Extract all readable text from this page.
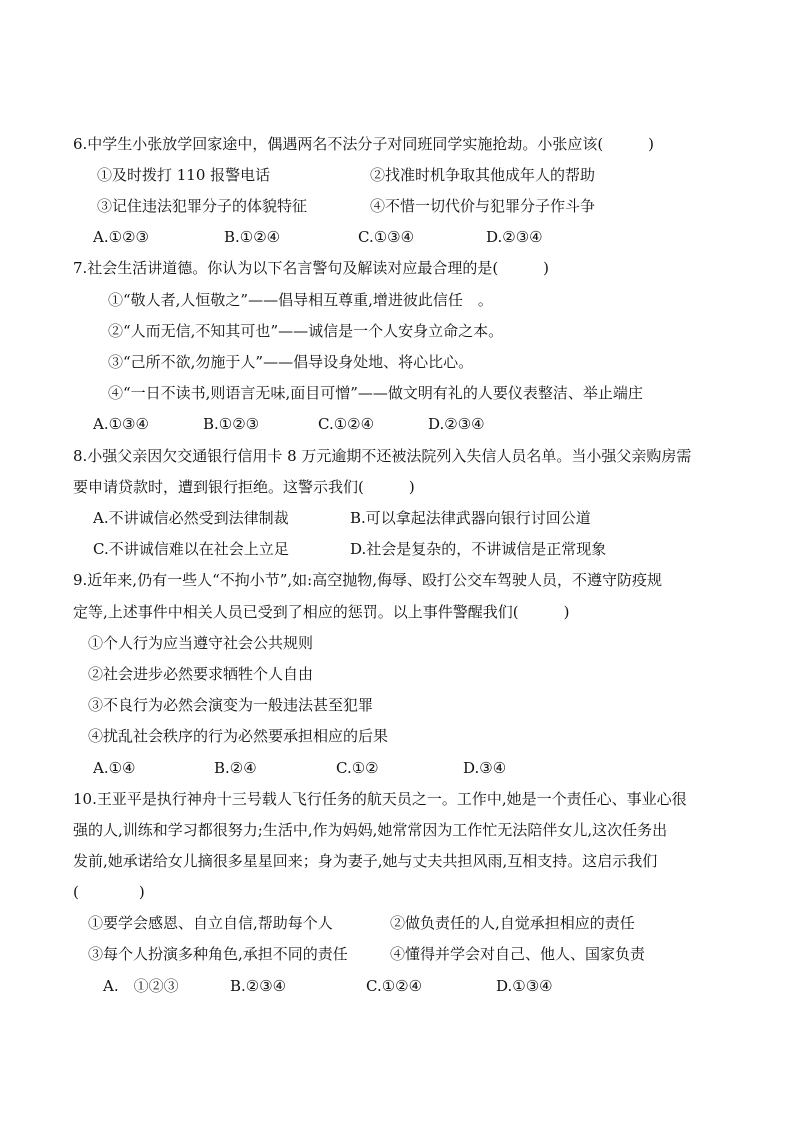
6.中学生小张放学回家途中，偶遇两名不法分子对同班同学实施抢劫。小张应该(　　　)
①及时拨打 110 报警电话	②找准时机争取其他成年人的帮助
③记住违法犯罪分子的体貌特征	④不惜一切代价与犯罪分子作斗争
A.①②③	B.①②④	C.①③④	D.②③④
7.社会生活讲道德。你认为以下名言警句及解读对应最合理的是(　　　)
①“敬人者,人恒敬之”——倡导相互尊重,增进彼此信任　。
②“人而无信,不知其可也”——诚信是一个人安身立命之本。
③“己所不欲,勿施于人”——倡导设身处地、将心比心。
④“一日不读书,则语言无味,面目可憎”——做文明有礼的人要仪表整洁、举止端庄
A.①③④	B.①②③	C.①②④	D.②③④
8.小强父亲因欠交通银行信用卡 8 万元逾期不还被法院列入失信人员名单。当小强父亲购房需
要申请贷款时，遭到银行拒绝。这警示我们(　　　)
A.不讲诚信必然受到法律制裁	B.可以拿起法律武器向银行讨回公道
C.不讲诚信难以在社会上立足	D.社会是复杂的，不讲诚信是正常现象
9.近年来,仍有一些人“不拘小节”,如:高空抛物,侮辱、殴打公交车驾驶人员，不遵守防疫规
定等,上述事件中相关人员已受到了相应的惩罚。以上事件警醒我们(　　　)
①个人行为应当遵守社会公共规则
②社会进步必然要求牺牲个人自由
③不良行为必然会演变为一般违法甚至犯罪
④扰乱社会秩序的行为必然要承担相应的后果
A.①④	B.②④	C.①②	D.③④
10.王亚平是执行神舟十三号载人飞行任务的航天员之一。工作中,她是一个责任心、事业心很
强的人,训练和学习都很努力;生活中,作为妈妈,她常常因为工作忙无法陪伴女儿,这次任务出
发前,她承诺给女儿摘很多星星回来；身为妻子,她与丈夫共担风雨,互相支持。这启示我们
(　　　　)
①要学会感恩、自立自信,帮助每个人	②做负责任的人,自觉承担相应的责任
③每个人扮演多种角色,承担不同的责任	④懂得并学会对自己、他人、国家负责
A.　①②③	B.②③④	C.①②④	D.①③④
